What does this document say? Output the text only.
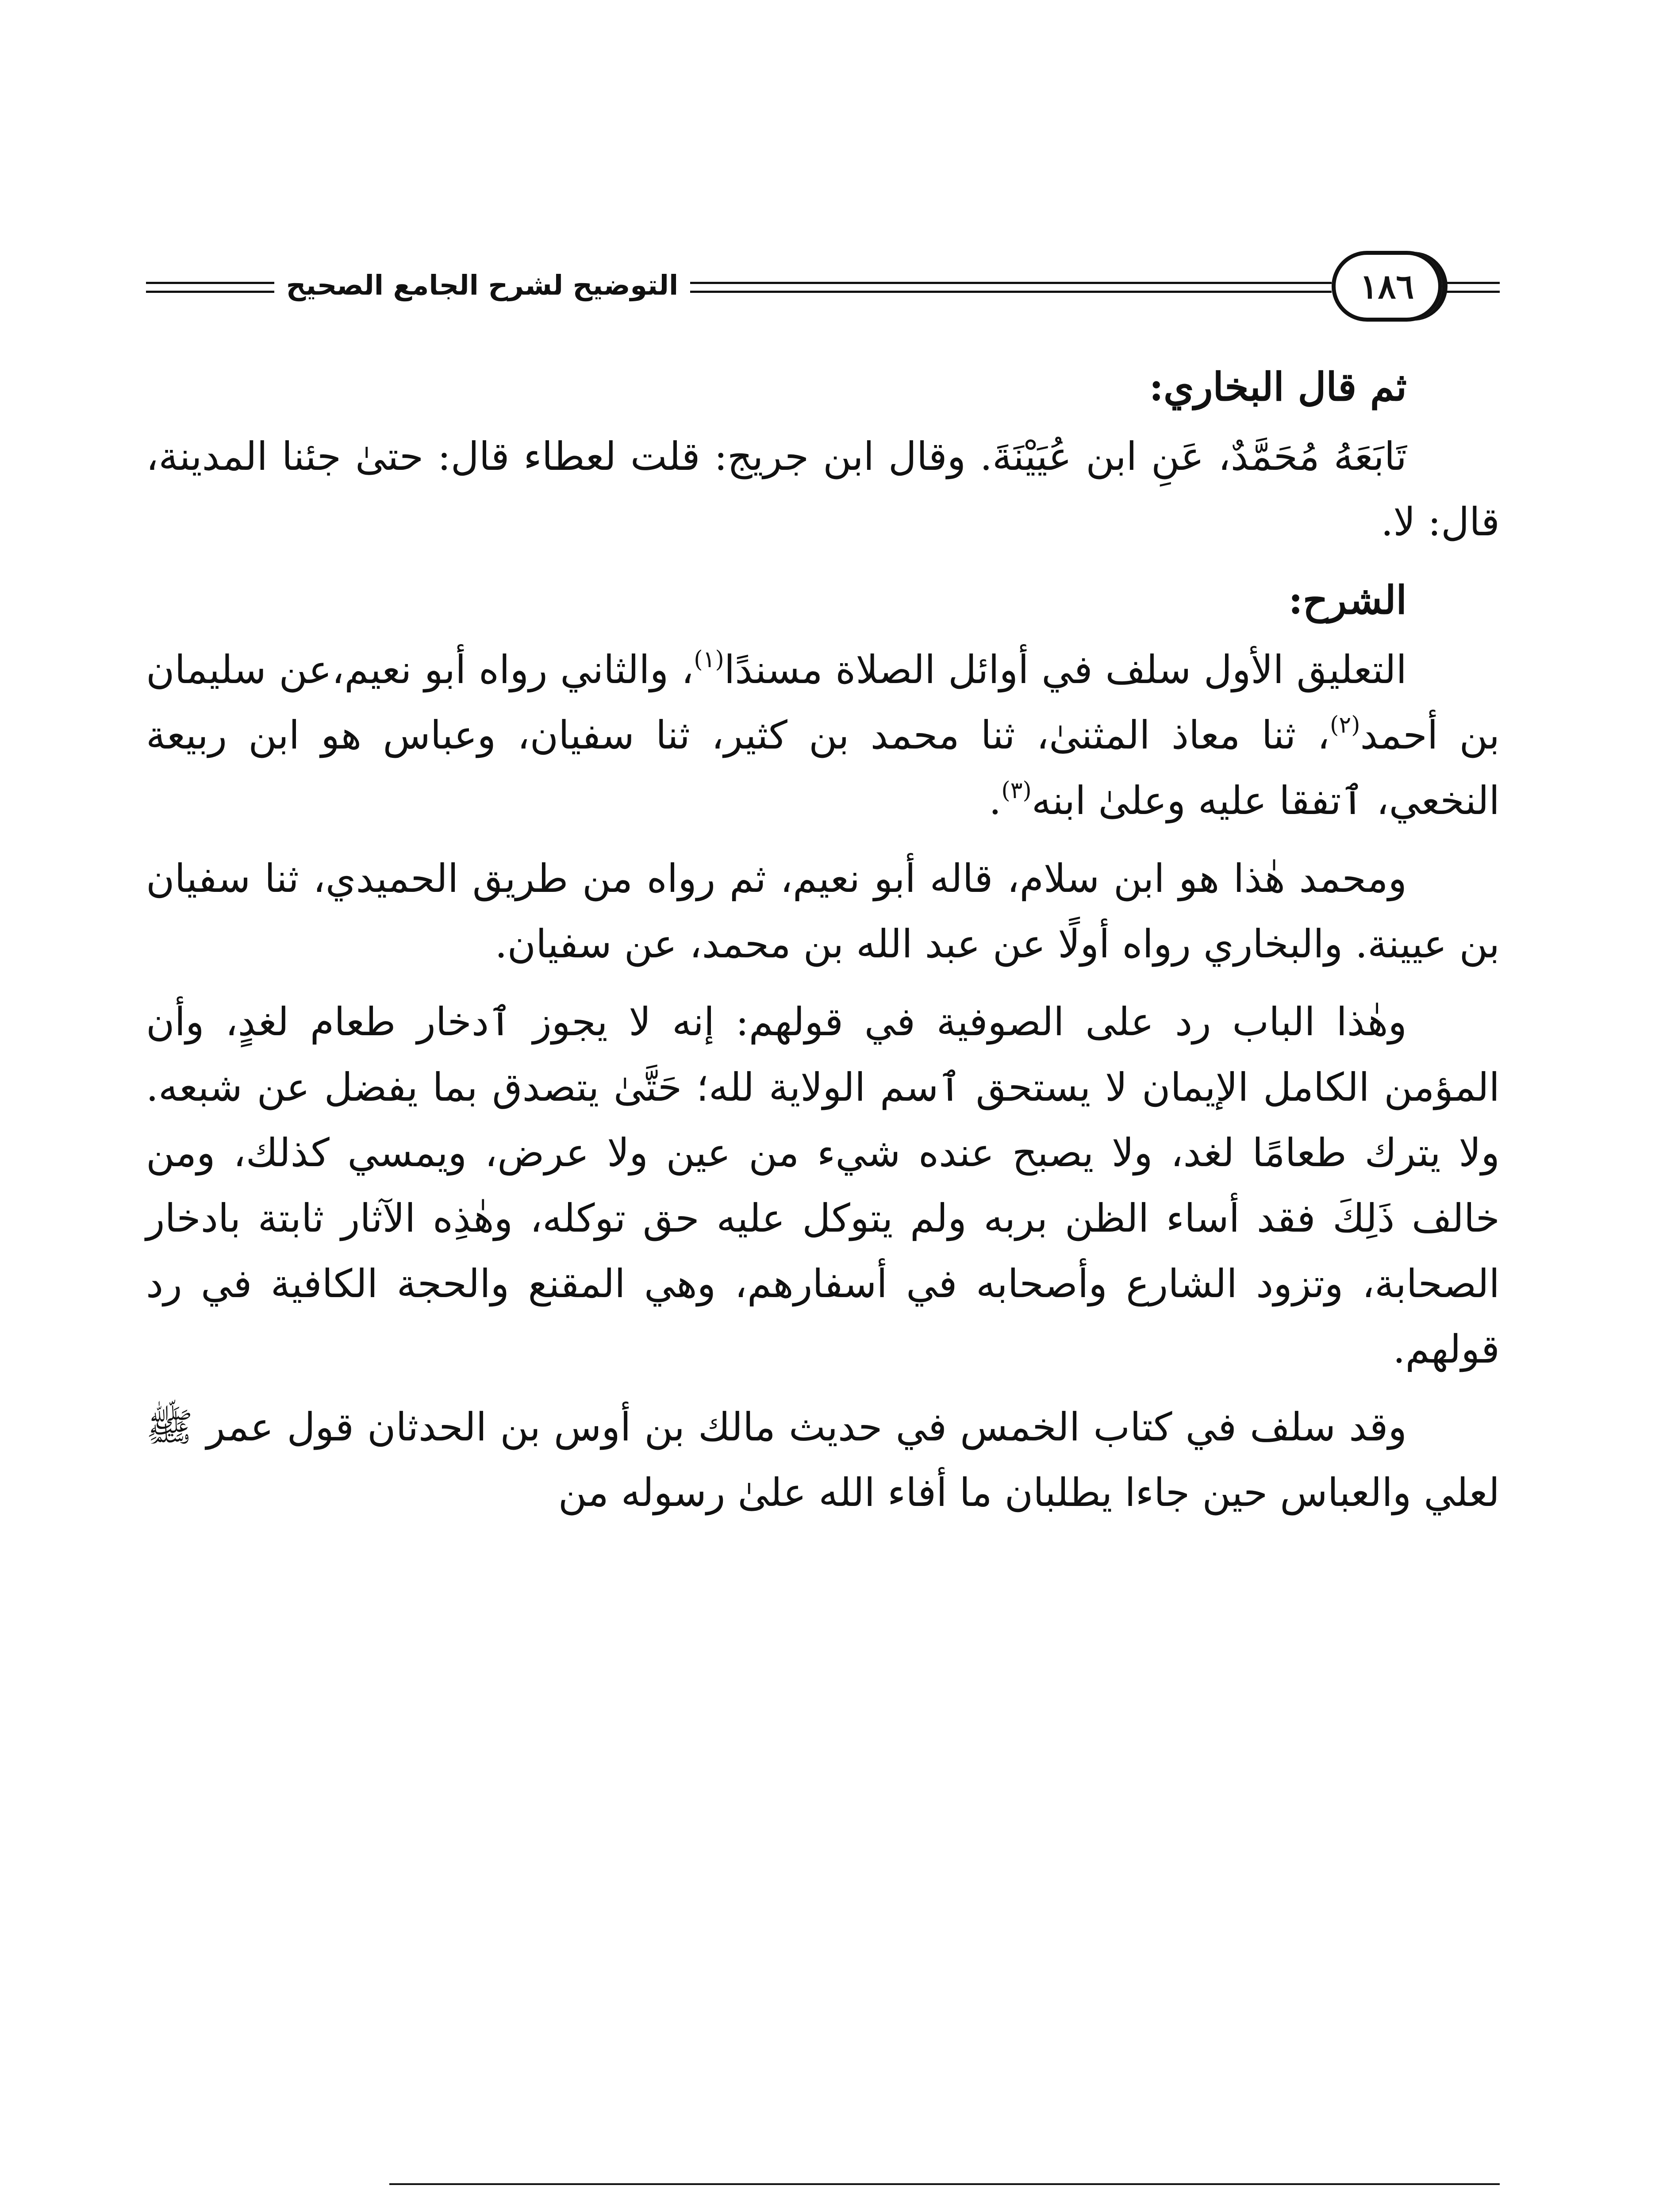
التوضيح لشرح الجامع الصحيح	١٨٦

ثم قال البخاري:

تَابَعَهُ مُحَمَّدٌ، عَنِ ابن عُيَيْنَةَ. وقال ابن جريج: قلت لعطاء قال: حتىٰ جئنا المدينة، قال: لا.

الشرح:

التعليق الأول سلف في أوائل الصلاة مسندًا$^{(١)}$، والثاني رواه أبو نعيم،عن سليمان بن أحمد$^{(٢)}$، ثنا معاذ المثنىٰ، ثنا محمد بن كثير، ثنا سفيان، وعباس هو ابن ربيعة النخعي، ٱتفقا عليه وعلىٰ ابنه$^{(٣)}$.

ومحمد هٰذا هو ابن سلام، قاله أبو نعيم، ثم رواه من طريق الحميدي، ثنا سفيان بن عيينة. والبخاري رواه أولًا عن عبد الله بن محمد، عن سفيان.

وهٰذا الباب رد على الصوفية في قولهم: إنه لا يجوز ٱدخار طعام لغدٍ، وأن المؤمن الكامل الإيمان لا يستحق ٱسم الولاية لله؛ حَتَّىٰ يتصدق بما يفضل عن شبعه. ولا يترك طعامًا لغد، ولا يصبح عنده شيء من عين ولا عرض، ويمسي كذلك، ومن خالف ذَلِكَ فقد أساء الظن بربه ولم يتوكل عليه حق توكله، وهٰذِه الآثار ثابتة بادخار الصحابة، وتزود الشارع وأصحابه في أسفارهم، وهي المقنع والحجة الكافية في رد قولهم.

وقد سلف في كتاب الخمس في حديث مالك بن أوس بن الحدثان قول عمر ﷺ لعلي والعباس حين جاءا يطلبان ما أفاء الله علىٰ رسوله من
